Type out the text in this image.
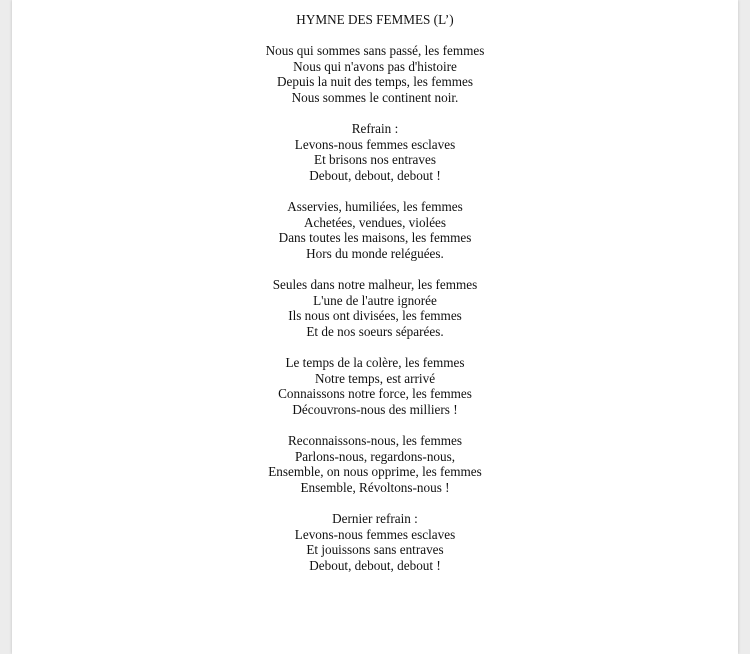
HYMNE DES FEMMES (L’)
Nous qui sommes sans passé, les femmes
Nous qui n'avons pas d'histoire
Depuis la nuit des temps, les femmes
Nous sommes le continent noir.
Refrain :
Levons-nous femmes esclaves
Et brisons nos entraves
Debout, debout, debout !
Asservies, humiliées, les femmes
Achetées, vendues, violées
Dans toutes les maisons, les femmes
Hors du monde reléguées.
Seules dans notre malheur, les femmes
L'une de l'autre ignorée
Ils nous ont divisées, les femmes
Et de nos soeurs séparées.
Le temps de la colère, les femmes
Notre temps, est arrivé
Connaissons notre force, les femmes
Découvrons-nous des milliers !
Reconnaissons-nous, les femmes
Parlons-nous, regardons-nous,
Ensemble, on nous opprime, les femmes
Ensemble, Révoltons-nous !
Dernier refrain :
Levons-nous femmes esclaves
Et jouissons sans entraves
Debout, debout, debout !
